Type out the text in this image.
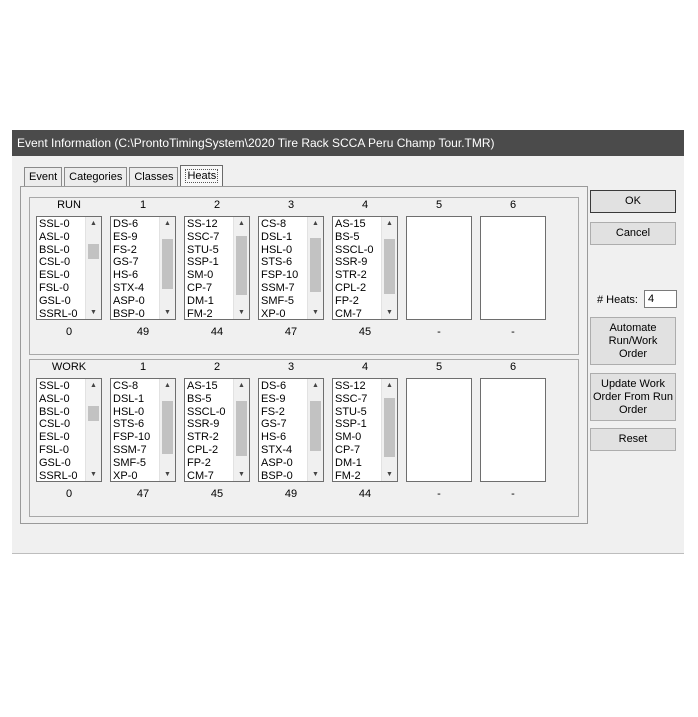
Event Information (C:\ProntoTimingSystem\2020 Tire Rack SCCA Peru Champ Tour.TMR)
Event	Categories	Classes	Heats
RUN
SSL-0
ASL-0
BSL-0
CSL-0
ESL-0
FSL-0
GSL-0
SSRL-0
▲
▼
0
1
DS-6
ES-9
FS-2
GS-7
HS-6
STX-4
ASP-0
BSP-0
▲
▼
49
2
SS-12
SSC-7
STU-5
SSP-1
SM-0
CP-7
DM-1
FM-2
▲
▼
44
3
CS-8
DSL-1
HSL-0
STS-6
FSP-10
SSM-7
SMF-5
XP-0
▲
▼
47
4
AS-15
BS-5
SSCL-0
SSR-9
STR-2
CPL-2
FP-2
CM-7
▲
▼
45
5
-
6
-
WORK
SSL-0
ASL-0
BSL-0
CSL-0
ESL-0
FSL-0
GSL-0
SSRL-0
▲
▼
0
1
CS-8
DSL-1
HSL-0
STS-6
FSP-10
SSM-7
SMF-5
XP-0
▲
▼
47
2
AS-15
BS-5
SSCL-0
SSR-9
STR-2
CPL-2
FP-2
CM-7
▲
▼
45
3
DS-6
ES-9
FS-2
GS-7
HS-6
STX-4
ASP-0
BSP-0
▲
▼
49
4
SS-12
SSC-7
STU-5
SSP-1
SM-0
CP-7
DM-1
FM-2
▲
▼
44
5
-
6
-
OK
Cancel
# Heats:
4
Automate
Run/Work
Order
Update Work
Order From Run
Order
Reset
